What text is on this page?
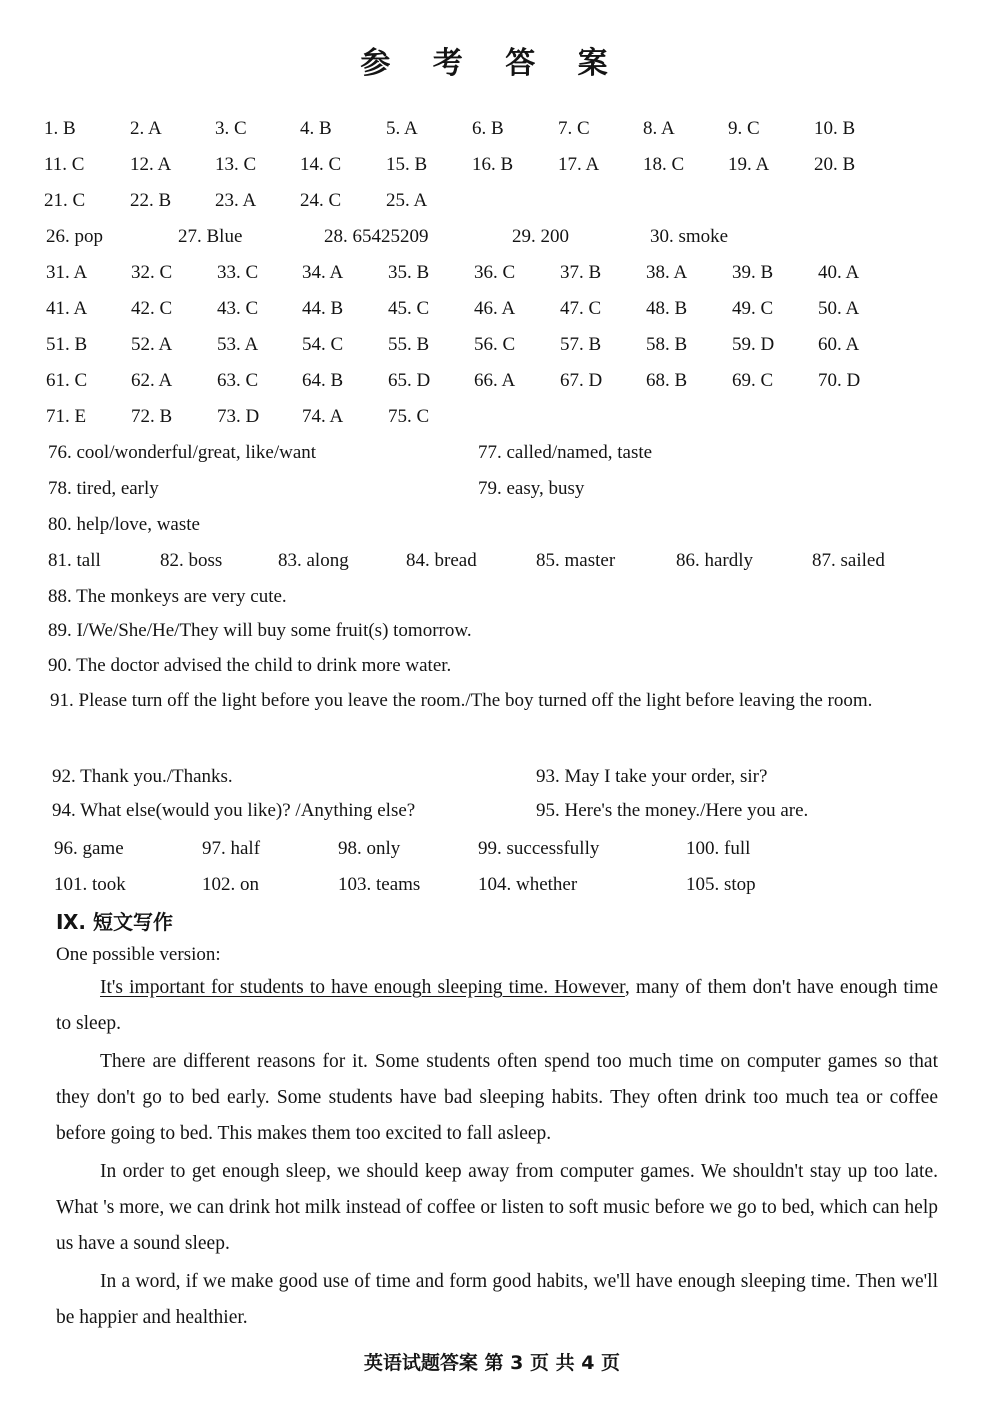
参 考 答 案
1. B	2. A	3. C	4. B	5. A	6. B	7. C	8. A	9. C	10. B
11. C 12. A 13. C 14. C 15. B 16. B 17. A 18. C 19. A 20. B
21. C 22. B 23. A 24. C 25. A
26. pop	27. Blue	28. 65425209	29. 200	30. smoke
31. A 32. C 33. C 34. A 35. B 36. C 37. B 38. A 39. B 40. A
41. A 42. C 43. C 44. B 45. C 46. A 47. C 48. B 49. C 50. A
51. B 52. A 53. A 54. C 55. B 56. C 57. B 58. B 59. D 60. A
61. C 62. A 63. C 64. B 65. D 66. A 67. D 68. B 69. C 70. D
71. E 72. B 73. D 74. A 75. C
76. cool/wonderful/great, like/want	77. called/named, taste
78. tired, early	79. easy, busy
80. help/love, waste
81. tall	82. boss	83. along	84. bread	85. master	86. hardly	87. sailed
88. The monkeys are very cute.
89. I/We/She/He/They will buy some fruit(s) tomorrow.
90. The doctor advised the child to drink more water.
91. Please turn off the light before you leave the room./The boy turned off the light before leaving the room.
92. Thank you./Thanks.	93. May I take your order, sir?
94. What else(would you like)? /Anything else?	95. Here's the money./Here you are.
96. game	97. half	98. only	99. successfully	100. full
101. took	102. on	103. teams	104. whether	105. stop
Ⅸ. 短文写作
One possible version:
It's important for students to have enough sleeping time. However, many of them don't have enough time to sleep.
There are different reasons for it. Some students often spend too much time on computer games so that they don't go to bed early. Some students have bad sleeping habits. They often drink too much tea or coffee before going to bed. This makes them too excited to fall asleep.
In order to get enough sleep, we should keep away from computer games. We shouldn't stay up too late. What 's more, we can drink hot milk instead of coffee or listen to soft music before we go to bed, which can help us have a sound sleep.
In a word, if we make good use of time and form good habits, we'll have enough sleeping time. Then we'll be happier and healthier.
英语试题答案 第 3 页 共 4 页
